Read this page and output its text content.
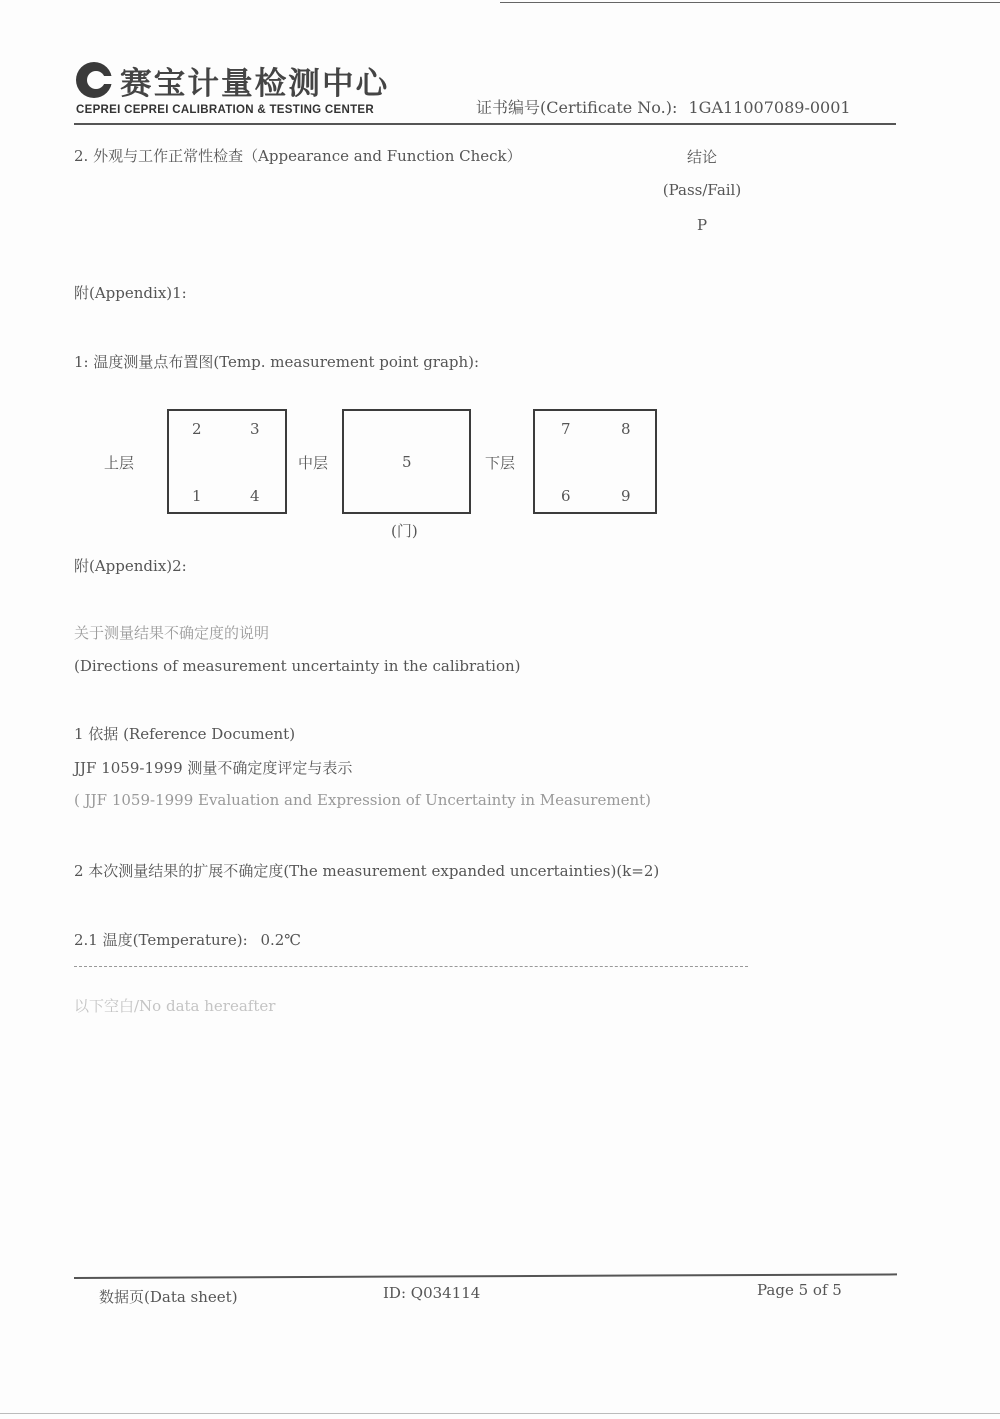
赛宝计量检测中心
CEPREI CEPREI CALIBRATION & TESTING CENTER	证书编号(Certificate No.): 1GA11007089-0001
2. 外观与工作正常性检查（Appearance and Function Check）	结论
(Pass/Fail)
P
附(Appendix)1:
1: 温度测量点布置图(Temp. measurement point graph):
上层
2	3
1	4
中层	5
(门)
下层
7	8
6	9
附(Appendix)2:
关于测量结果不确定度的说明
(Directions of measurement uncertainty in the calibration)
1 依据 (Reference Document)
JJF 1059-1999 测量不确定度评定与表示
( JJF 1059-1999 Evaluation and Expression of Uncertainty in Measurement)
2 本次测量结果的扩展不确定度(The measurement expanded uncertainties)(k=2)
2.1 温度(Temperature): 0.2℃
以下空白/No data hereafter
数据页(Data sheet)	ID: Q034114	Page 5 of 5
